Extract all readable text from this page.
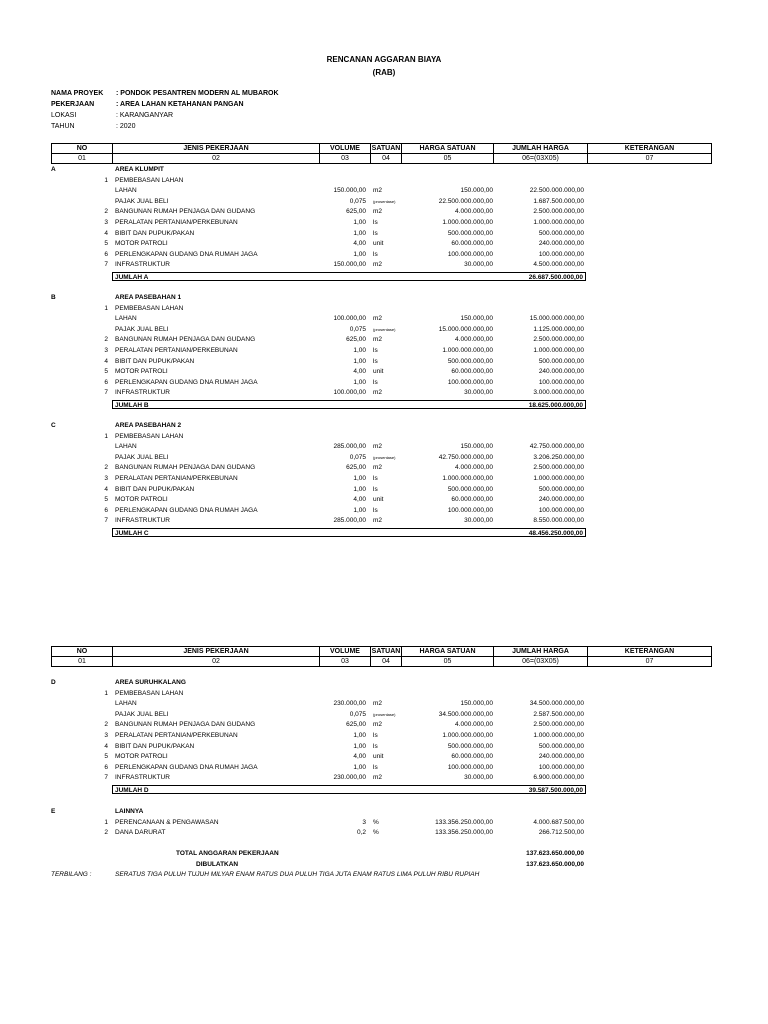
RENCANAN AGGARAN BIAYA
(RAB)
NAMA PROYEK : PONDOK PESANTREN MODERN AL MUBAROK
PEKERJAAN	: AREA LAHAN KETAHANAN PANGAN
LOKASI	: KARANGANYAR
TAHUN	: 2020
NO	JENIS PEKERJAAN	VOLUME	SATUAN	HARGA SATUAN	JUMLAH HARGA	KETERANGAN
01	02	03	04	05	06=(03X05)	07
NO	JENIS PEKERJAAN	VOLUME	SATUAN	HARGA SATUAN	JUMLAH HARGA	KETERANGAN
01	02	03	04	05	06=(03X05)	07
A	AREA KLUMPIT
1 PEMBEBASAN LAHAN
LAHAN	150.000,00 m2	150.000,00	22.500.000.000,00
PAJAK JUAL BELI	0,075 (prosentase)	22.500.000.000,00	1.687.500.000,00
2 BANGUNAN RUMAH PENJAGA DAN GUDANG	625,00 m2	4.000.000,00	2.500.000.000,00
3 PERALATAN PERTANIAN/PERKEBUNAN	1,00 ls	1.000.000.000,00	1.000.000.000,00
4 BIBIT DAN PUPUK/PAKAN	1,00 ls	500.000.000,00	500.000.000,00
5 MOTOR PATROLI	4,00 unit	60.000.000,00	240.000.000,00
6 PERLENGKAPAN GUDANG DNA RUMAH JAGA	1,00 ls	100.000.000,00	100.000.000,00
7 INFRASTRUKTUR	150.000,00 m2	30.000,00	4.500.000.000,00
JUMLAH A	26.687.500.000,00
B	AREA PASEBAHAN 1
1 PEMBEBASAN LAHAN
LAHAN	100.000,00 m2	150.000,00	15.000.000.000,00
PAJAK JUAL BELI	0,075 (prosentase)	15.000.000.000,00	1.125.000.000,00
2 BANGUNAN RUMAH PENJAGA DAN GUDANG	625,00 m2	4.000.000,00	2.500.000.000,00
3 PERALATAN PERTANIAN/PERKEBUNAN	1,00 ls	1.000.000.000,00	1.000.000.000,00
4 BIBIT DAN PUPUK/PAKAN	1,00 ls	500.000.000,00	500.000.000,00
5 MOTOR PATROLI	4,00 unit	60.000.000,00	240.000.000,00
6 PERLENGKAPAN GUDANG DNA RUMAH JAGA	1,00 ls	100.000.000,00	100.000.000,00
7 INFRASTRUKTUR	100.000,00 m2	30.000,00	3.000.000.000,00
JUMLAH B	18.625.000.000,00
C	AREA PASEBAHAN 2
1 PEMBEBASAN LAHAN
LAHAN	285.000,00 m2	150.000,00	42.750.000.000,00
PAJAK JUAL BELI	0,075 (prosentase)	42.750.000.000,00	3.206.250.000,00
2 BANGUNAN RUMAH PENJAGA DAN GUDANG	625,00 m2	4.000.000,00	2.500.000.000,00
3 PERALATAN PERTANIAN/PERKEBUNAN	1,00 ls	1.000.000.000,00	1.000.000.000,00
4 BIBIT DAN PUPUK/PAKAN	1,00 ls	500.000.000,00	500.000.000,00
5 MOTOR PATROLI	4,00 unit	60.000.000,00	240.000.000,00
6 PERLENGKAPAN GUDANG DNA RUMAH JAGA	1,00 ls	100.000.000,00	100.000.000,00
7 INFRASTRUKTUR	285.000,00 m2	30.000,00	8.550.000.000,00
JUMLAH C	48.456.250.000,00
D	AREA SURUHKALANG
1 PEMBEBASAN LAHAN
LAHAN	230.000,00 m2	150.000,00	34.500.000.000,00
PAJAK JUAL BELI	0,075 (prosentase)	34.500.000.000,00	2.587.500.000,00
2 BANGUNAN RUMAH PENJAGA DAN GUDANG	625,00 m2	4.000.000,00	2.500.000.000,00
3 PERALATAN PERTANIAN/PERKEBUNAN	1,00 ls	1.000.000.000,00	1.000.000.000,00
4 BIBIT DAN PUPUK/PAKAN	1,00 ls	500.000.000,00	500.000.000,00
5 MOTOR PATROLI	4,00 unit	60.000.000,00	240.000.000,00
6 PERLENGKAPAN GUDANG DNA RUMAH JAGA	1,00 ls	100.000.000,00	100.000.000,00
7 INFRASTRUKTUR	230.000,00 m2	30.000,00	6.900.000.000,00
JUMLAH D	39.587.500.000,00
E	LAINNYA
1 PERENCANAAN & PENGAWASAN	3 %	133.356.250.000,00	4.000.687.500,00
2 DANA DARURAT	0,2 %	133.356.250.000,00	266.712.500,00
TOTAL ANGGARAN PEKERJAAN	137.623.650.000,00
DIBULATKAN	137.623.650.000,00
TERBILANG :	SERATUS TIGA PULUH TUJUH MILYAR ENAM RATUS DUA PULUH TIGA JUTA ENAM RATUS LIMA PULUH RIBU RUPIAH
